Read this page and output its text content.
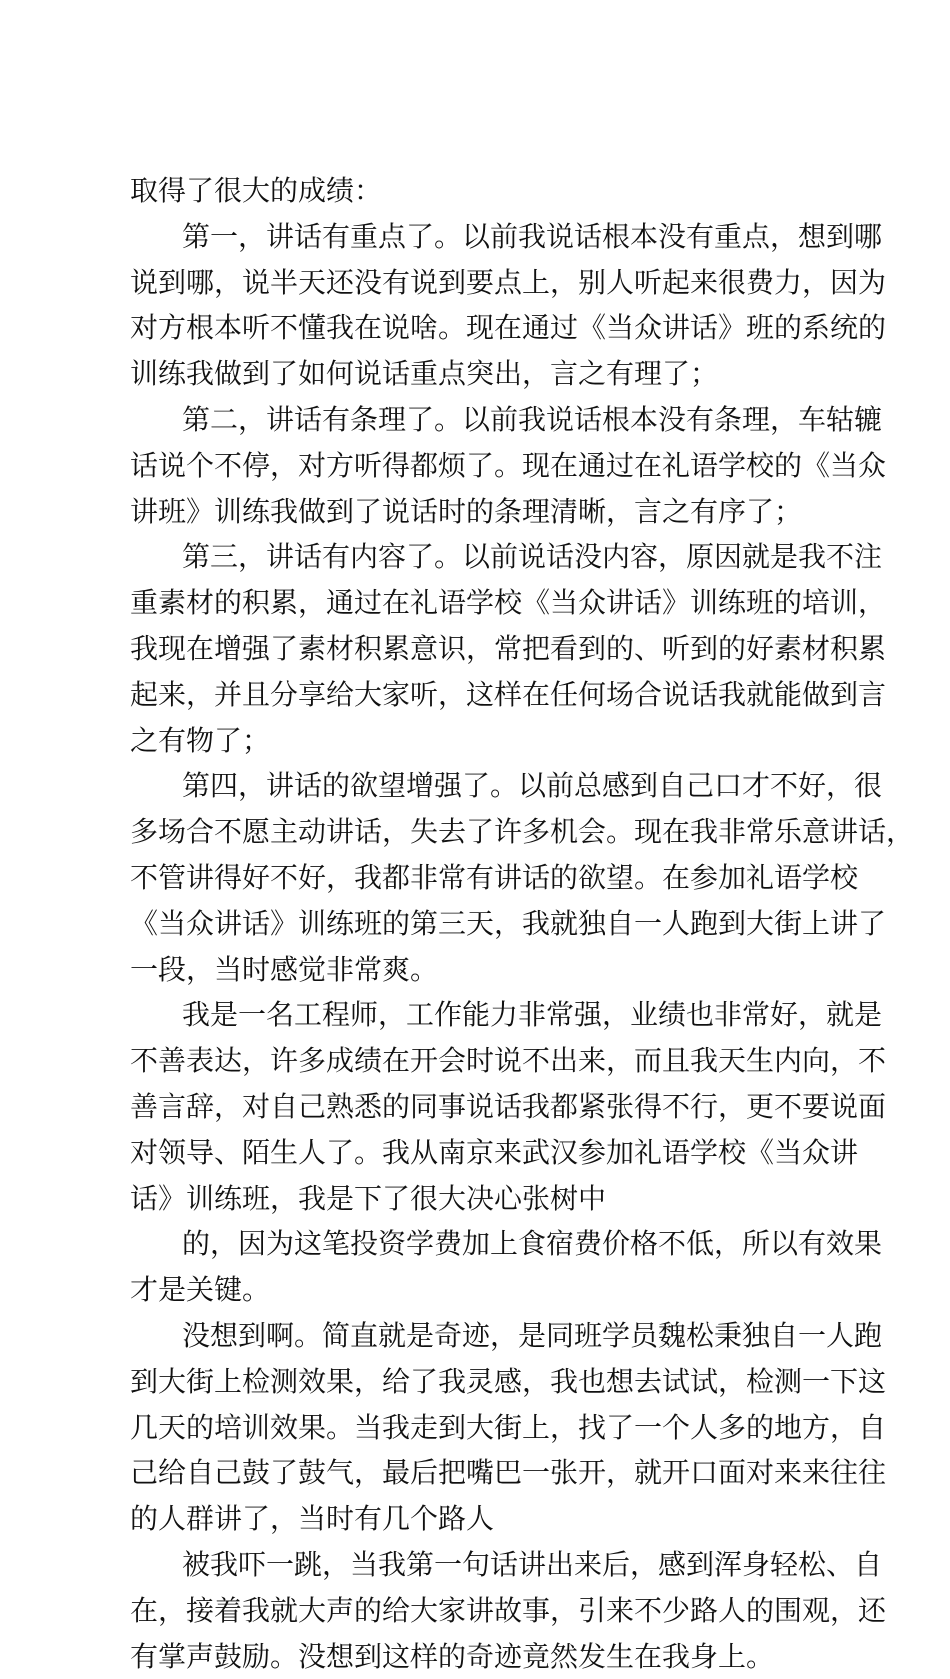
取得了很大的成绩：
第一，讲话有重点了。以前我说话根本没有重点，想到哪
说到哪，说半天还没有说到要点上，别人听起来很费力，因为
对方根本听不懂我在说啥。现在通过《当众讲话》班的系统的
训练我做到了如何说话重点突出，言之有理了；
第二，讲话有条理了。以前我说话根本没有条理，车轱辘
话说个不停，对方听得都烦了。现在通过在礼语学校的《当众
讲班》训练我做到了说话时的条理清晰，言之有序了；
第三，讲话有内容了。以前说话没内容，原因就是我不注
重素材的积累，通过在礼语学校《当众讲话》训练班的培训，
我现在增强了素材积累意识，常把看到的、听到的好素材积累
起来，并且分享给大家听，这样在任何场合说话我就能做到言
之有物了；
第四，讲话的欲望增强了。以前总感到自己口才不好，很
多场合不愿主动讲话，失去了许多机会。现在我非常乐意讲话，
不管讲得好不好，我都非常有讲话的欲望。在参加礼语学校
《当众讲话》训练班的第三天，我就独自一人跑到大街上讲了
一段，当时感觉非常爽。
我是一名工程师，工作能力非常强，业绩也非常好，就是
不善表达，许多成绩在开会时说不出来，而且我天生内向，不
善言辞，对自己熟悉的同事说话我都紧张得不行，更不要说面
对领导、陌生人了。我从南京来武汉参加礼语学校《当众讲
话》训练班，我是下了很大决心张树中
的，因为这笔投资学费加上食宿费价格不低，所以有效果
才是关键。
没想到啊。简直就是奇迹，是同班学员魏松秉独自一人跑
到大街上检测效果，给了我灵感，我也想去试试，检测一下这
几天的培训效果。当我走到大街上，找了一个人多的地方，自
己给自己鼓了鼓气，最后把嘴巴一张开，就开口面对来来往往
的人群讲了，当时有几个路人
被我吓一跳，当我第一句话讲出来后，感到浑身轻松、自
在，接着我就大声的给大家讲故事，引来不少路人的围观，还
有掌声鼓励。没想到这样的奇迹竟然发生在我身上。
